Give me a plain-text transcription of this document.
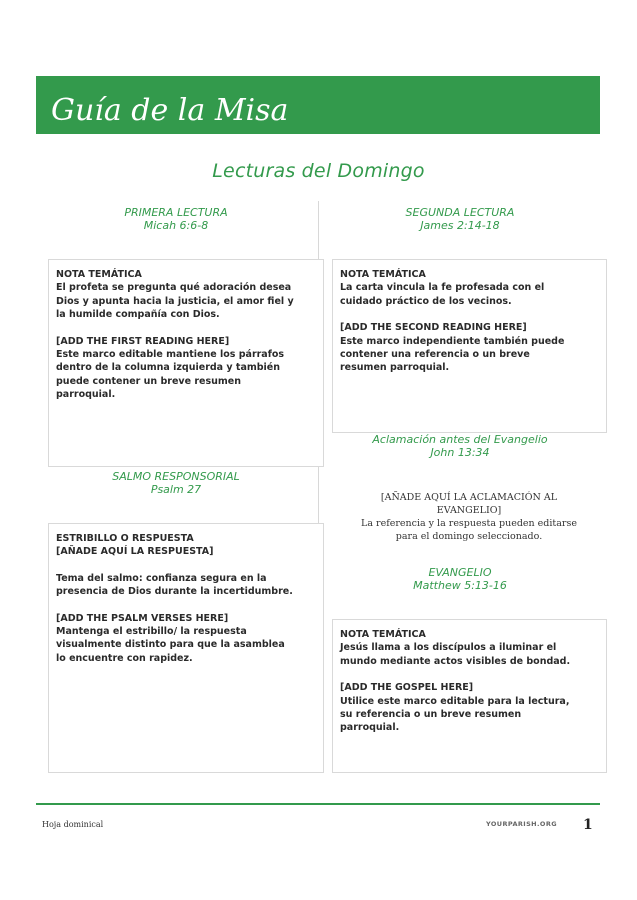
Guía de la Misa
Lecturas del Domingo
PRIMERA LECTURA
Micah 6:6-8

NOTA TEMÁTICA
El profeta se pregunta qué adoración desea
Dios y apunta hacia la justicia, el amor fiel y
la humilde compañía con Dios.

[ADD THE FIRST READING HERE]
Este marco editable mantiene los párrafos
dentro de la columna izquierda y también
puede contener un breve resumen
parroquial.

SEGUNDA LECTURA
James 2:14-18

NOTA TEMÁTICA
La carta vincula la fe profesada con el
cuidado práctico de los vecinos.

[ADD THE SECOND READING HERE]
Este marco independiente también puede
contener una referencia o un breve
resumen parroquial.

Aclamación antes del Evangelio
John 13:34
[AÑADE AQUÍ LA ACLAMACIÓN AL
EVANGELIO]
La referencia y la respuesta pueden editarse
para el domingo seleccionado.
SALMO RESPONSORIAL
Psalm 27

ESTRIBILLO O RESPUESTA
[AÑADE AQUÍ LA RESPUESTA]

Tema del salmo: confianza segura en la
presencia de Dios durante la incertidumbre.

[ADD THE PSALM VERSES HERE]
Mantenga el estribillo/ la respuesta
visualmente distinto para que la asamblea
lo encuentre con rapidez.

EVANGELIO
Matthew 5:13-16

NOTA TEMÁTICA
Jesús llama a los discípulos a iluminar el
mundo mediante actos visibles de bondad.

[ADD THE GOSPEL HERE]
Utilice este marco editable para la lectura,
su referencia o un breve resumen
parroquial.

Hoja dominical	YOURPARISH.ORG 1
